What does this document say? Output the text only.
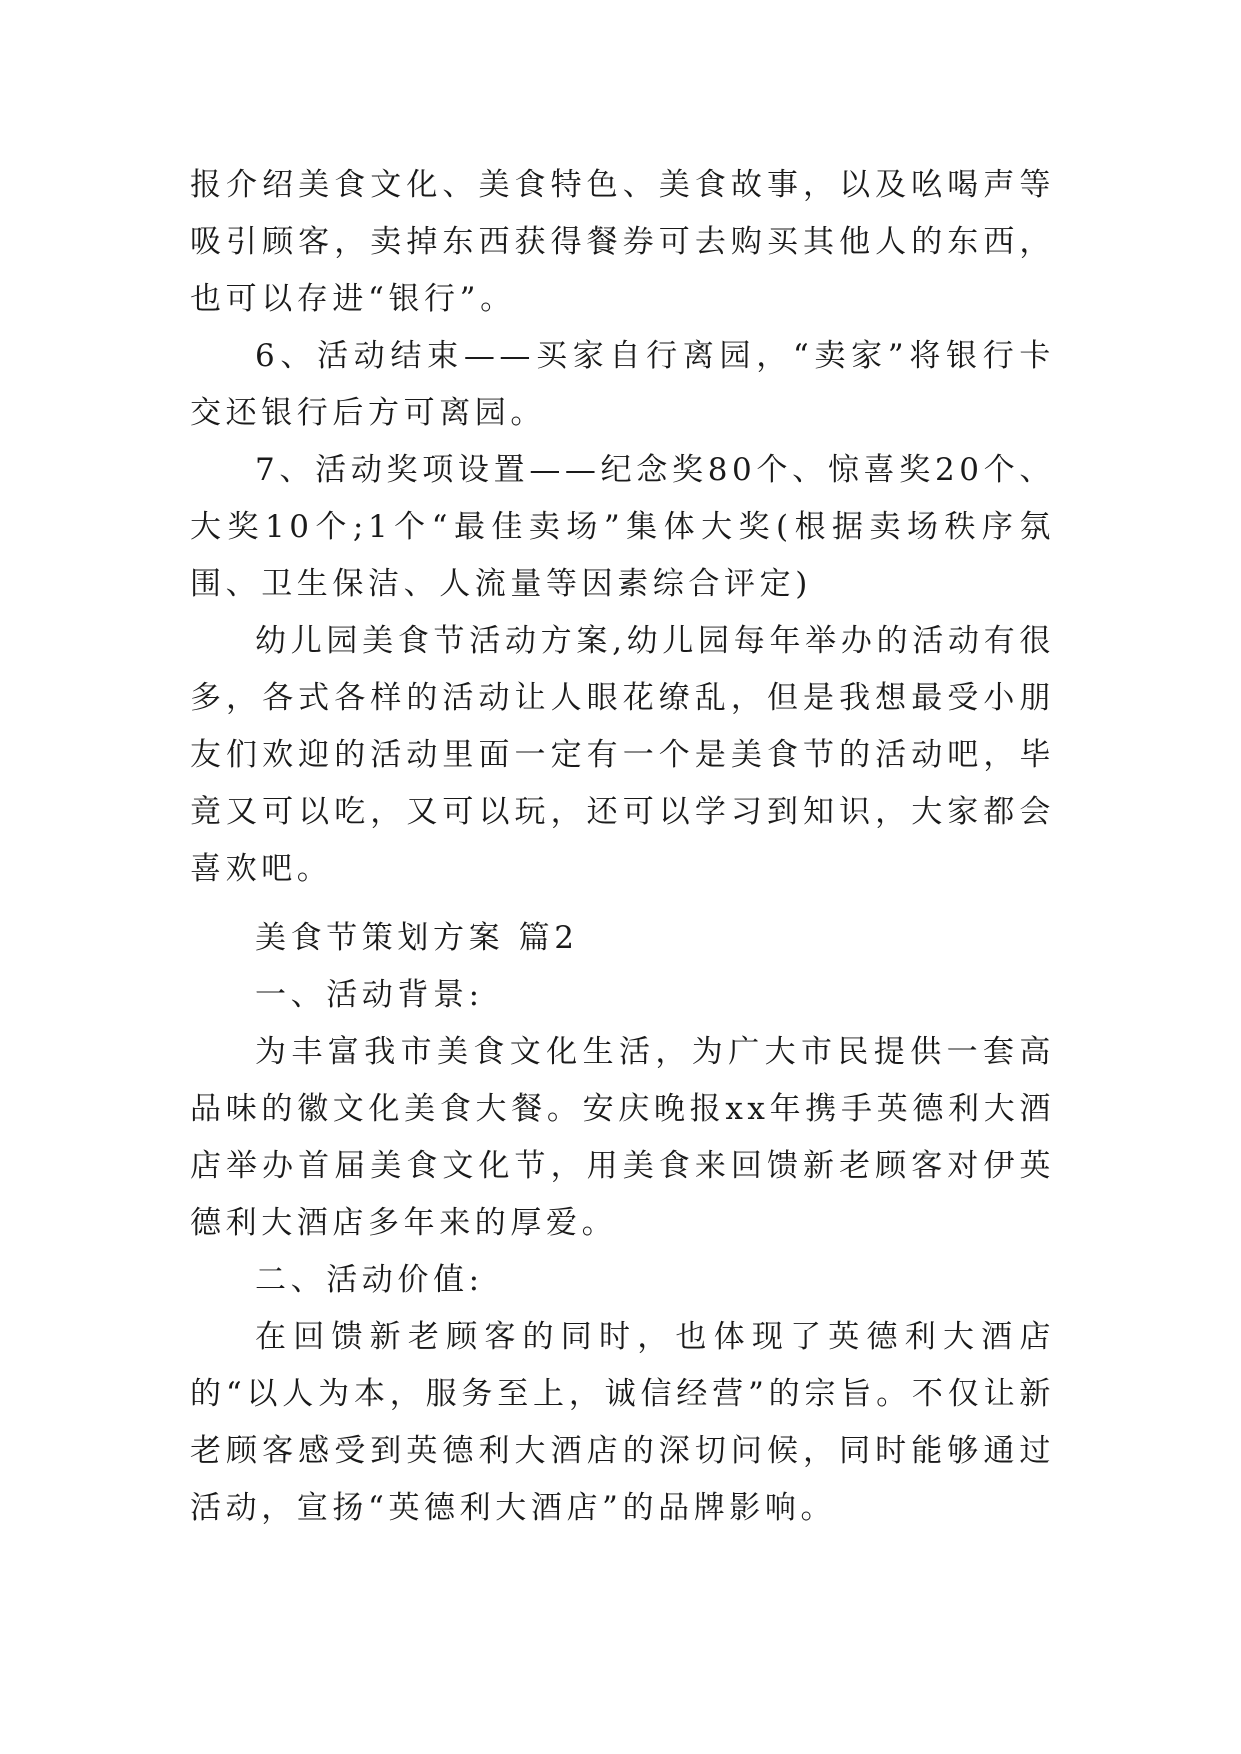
报介绍美食文化、美食特色、美食故事，以及吆喝声等吸引顾客，卖掉东西获得餐券可去购买其他人的东西，也可以存进“银行”。

6、活动结束——买家自行离园，“卖家”将银行卡交还银行后方可离园。

7、活动奖项设置——纪念奖80个、惊喜奖20个、大奖10个;1个“最佳卖场”集体大奖(根据卖场秩序氛围、卫生保洁、人流量等因素综合评定)

幼儿园美食节活动方案,幼儿园每年举办的活动有很多，各式各样的活动让人眼花缭乱，但是我想最受小朋友们欢迎的活动里面一定有一个是美食节的活动吧，毕竟又可以吃，又可以玩，还可以学习到知识，大家都会喜欢吧。

美食节策划方案 篇2

一、活动背景:

为丰富我市美食文化生活，为广大市民提供一套高品味的徽文化美食大餐。安庆晚报xx年携手英德利大酒店举办首届美食文化节，用美食来回馈新老顾客对伊英德利大酒店多年来的厚爱。

二、活动价值:

在回馈新老顾客的同时，也体现了英德利大酒店的“以人为本，服务至上，诚信经营”的宗旨。不仅让新老顾客感受到英德利大酒店的深切问候，同时能够通过活动，宣扬“英德利大酒店”的品牌影响。
